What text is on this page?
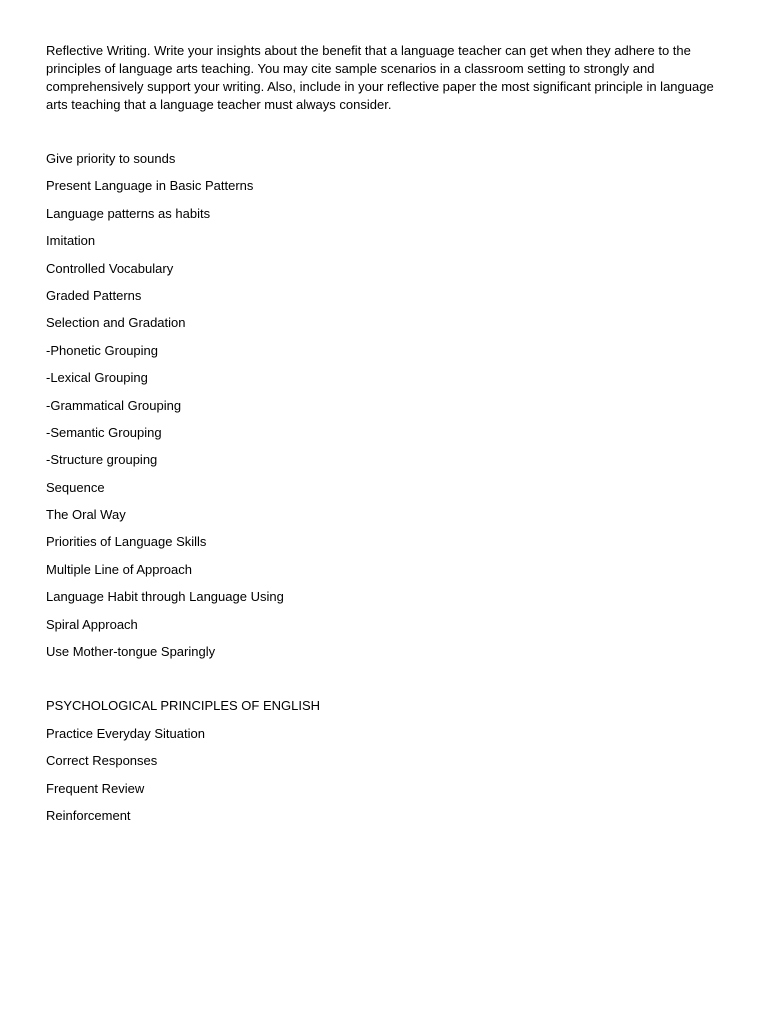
Reflective Writing. Write your insights about the benefit that a language teacher can get when they adhere to the principles of language arts teaching. You may cite sample scenarios in a classroom setting to strongly and comprehensively support your writing. Also, include in your reflective paper the most significant principle in language arts teaching that a language teacher must always consider.

Give priority to sounds
Present Language in Basic Patterns
Language patterns as habits
Imitation
Controlled Vocabulary
Graded Patterns
Selection and Gradation
-Phonetic Grouping
-Lexical Grouping
-Grammatical Grouping
-Semantic Grouping
-Structure grouping
Sequence
The Oral Way
Priorities of Language Skills
Multiple Line of Approach
Language Habit through Language Using
Spiral Approach
Use Mother-tongue Sparingly
PSYCHOLOGICAL PRINCIPLES OF ENGLISH
Practice Everyday Situation
Correct Responses
Frequent Review
Reinforcement
